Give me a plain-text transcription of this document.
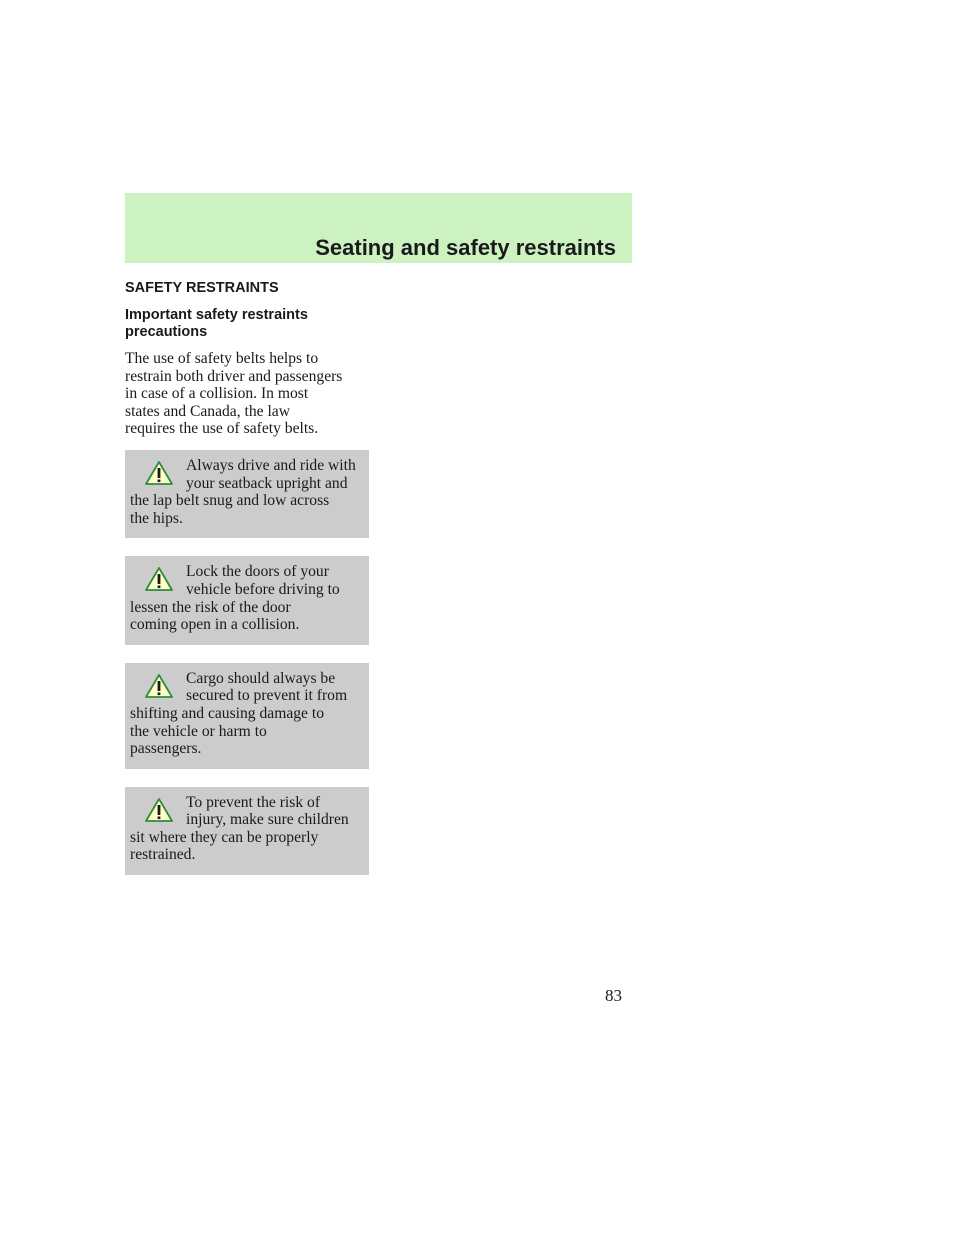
Seating and safety restraints
SAFETY RESTRAINTS
Important safety restraints
precautions
The use of safety belts helps to
restrain both driver and passengers
in case of a collision. In most
states and Canada, the law
requires the use of safety belts.
Always drive and ride with
your seatback upright and
the lap belt snug and low across
the hips.
Lock the doors of your
vehicle before driving to
lessen the risk of the door
coming open in a collision.
Cargo should always be
secured to prevent it from
shifting and causing damage to
the vehicle or harm to
passengers.
To prevent the risk of
injury, make sure children
sit where they can be properly
restrained.
83
